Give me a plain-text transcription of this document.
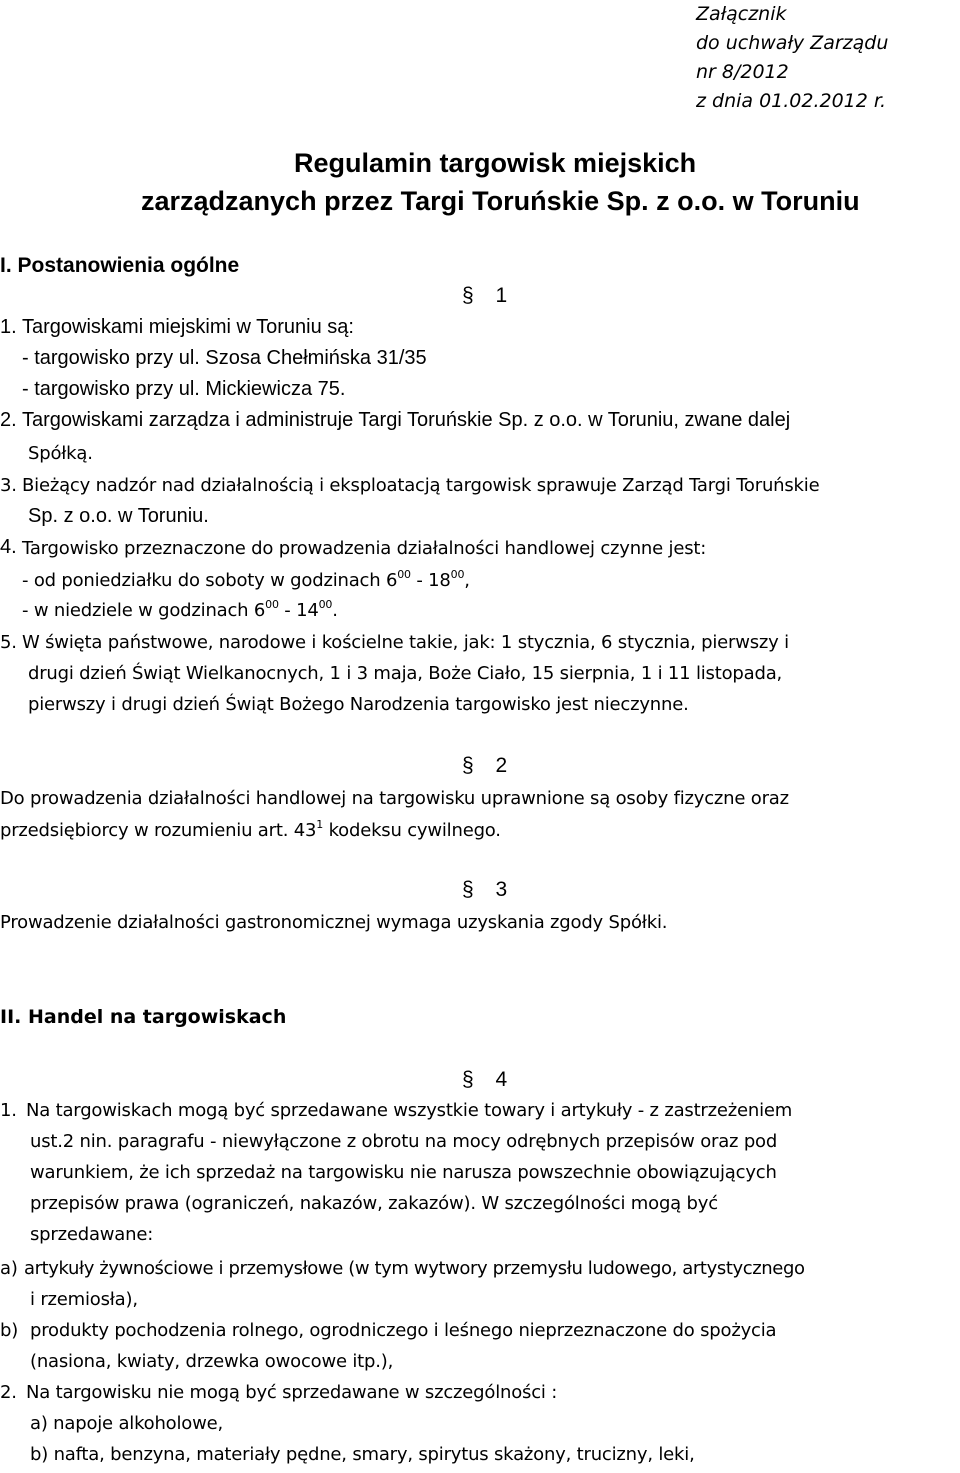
Załącznik
do uchwały Zarządu
nr 8/2012
z dnia 01.02.2012 r.
Regulamin targowisk miejskich
zarządzanych przez Targi Toruńskie Sp. z o.o. w Toruniu
I. Postanowienia ogólne
§ 1
1. Targowiskami miejskimi w Toruniu są:
- targowisko przy ul. Szosa Chełmińska 31/35
- targowisko przy ul. Mickiewicza 75.
2. Targowiskami zarządza i administruje Targi Toruńskie Sp. z o.o. w Toruniu, zwane dalej
Spółką.
3. Bieżący nadzór nad działalnością i eksploatacją targowisk sprawuje Zarząd Targi Toruńskie
Sp. z o.o. w Toruniu.
4. Targowisko przeznaczone do prowadzenia działalności handlowej czynne jest:
- od poniedziałku do soboty w godzinach $6^{00} - 18^{00}$,
- w niedziele w godzinach $6^{00} - 14^{00}$.
5. W święta państwowe, narodowe i kościelne takie, jak: 1 stycznia, 6 stycznia, pierwszy i
drugi dzień Świąt Wielkanocnych, 1 i 3 maja, Boże Ciało, 15 sierpnia, 1 i 11 listopada,
pierwszy i drugi dzień Świąt Bożego Narodzenia targowisko jest nieczynne.
§ 2
Do prowadzenia działalności handlowej na targowisku uprawnione są osoby fizyczne oraz
przedsiębiorcy w rozumieniu art. $43^1$ kodeksu cywilnego.
§ 3
Prowadzenie działalności gastronomicznej wymaga uzyskania zgody Spółki.
II. Handel na targowiskach
§ 4
1. Na targowiskach mogą być sprzedawane wszystkie towary i artykuły - z zastrzeżeniem
ust.2 nin. paragrafu - niewyłączone z obrotu na mocy odrębnych przepisów oraz pod
warunkiem, że ich sprzedaż na targowisku nie narusza powszechnie obowiązujących
przepisów prawa (ograniczeń, nakazów, zakazów). W szczególności mogą być
sprzedawane:
a) artykuły żywnościowe i przemysłowe (w tym wytwory przemysłu ludowego, artystycznego
i rzemiosła),
b) produkty pochodzenia rolnego, ogrodniczego i leśnego nieprzeznaczone do spożycia
(nasiona, kwiaty, drzewka owocowe itp.),
2. Na targowisku nie mogą być sprzedawane w szczególności :
a) napoje alkoholowe,
b) nafta, benzyna, materiały pędne, smary, spirytus skażony, trucizny, leki,
